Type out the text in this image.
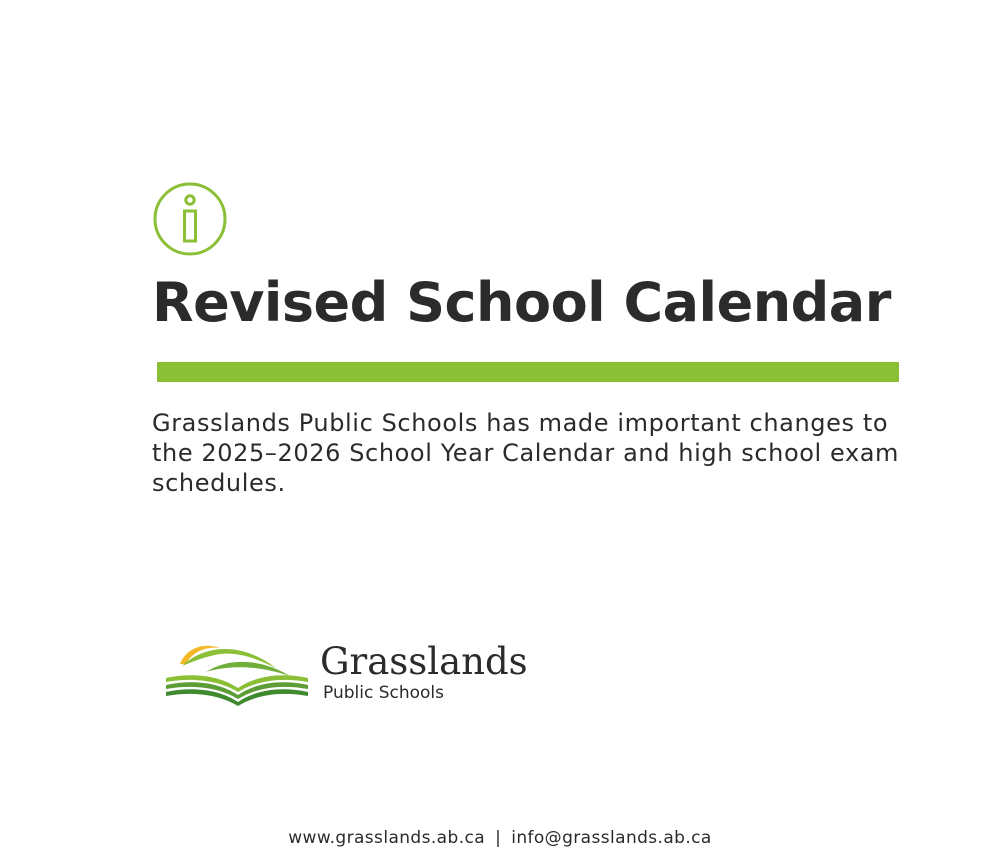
Revised School Calendar

Grasslands Public Schools has made important changes to the 2025–2026 School Year Calendar and high school exam schedules.

Grasslands
Public Schools
www.grasslands.ab.ca | info@grasslands.ab.ca
